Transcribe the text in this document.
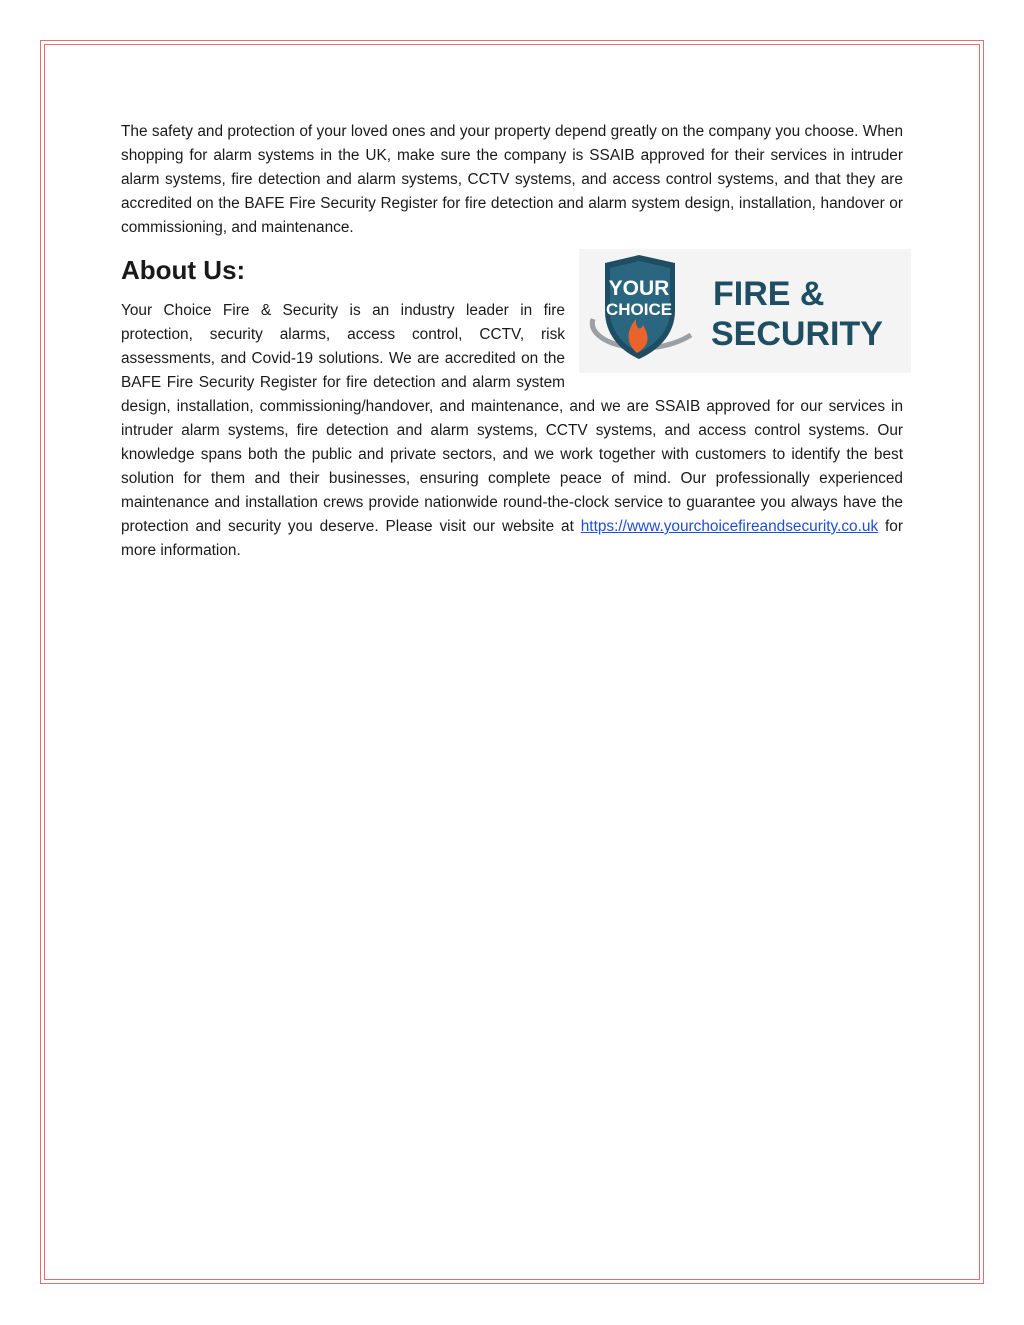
The safety and protection of your loved ones and your property depend greatly on the company you choose. When shopping for alarm systems in the UK, make sure the company is SSAIB approved for their services in intruder alarm systems, fire detection and alarm systems, CCTV systems, and access control systems, and that they are accredited on the BAFE Fire Security Register for fire detection and alarm system design, installation, handover or commissioning, and maintenance.

About Us:
YOUR
CHOICE FIRE &
SECURITY

Your Choice Fire & Security is an industry leader in fire protection, security alarms, access control, CCTV, risk assessments, and Covid-19 solutions. We are accredited on the BAFE Fire Security Register for fire detection and alarm system design, installation, commissioning/handover, and maintenance, and we are SSAIB approved for our services in intruder alarm systems, fire detection and alarm systems, CCTV systems, and access control systems. Our knowledge spans both the public and private sectors, and we work together with customers to identify the best solution for them and their businesses, ensuring complete peace of mind. Our professionally experienced maintenance and installation crews provide nationwide round-the-clock service to guarantee you always have the protection and security you deserve. Please visit our website at https://www.yourchoicefireandsecurity.co.uk for more information.
